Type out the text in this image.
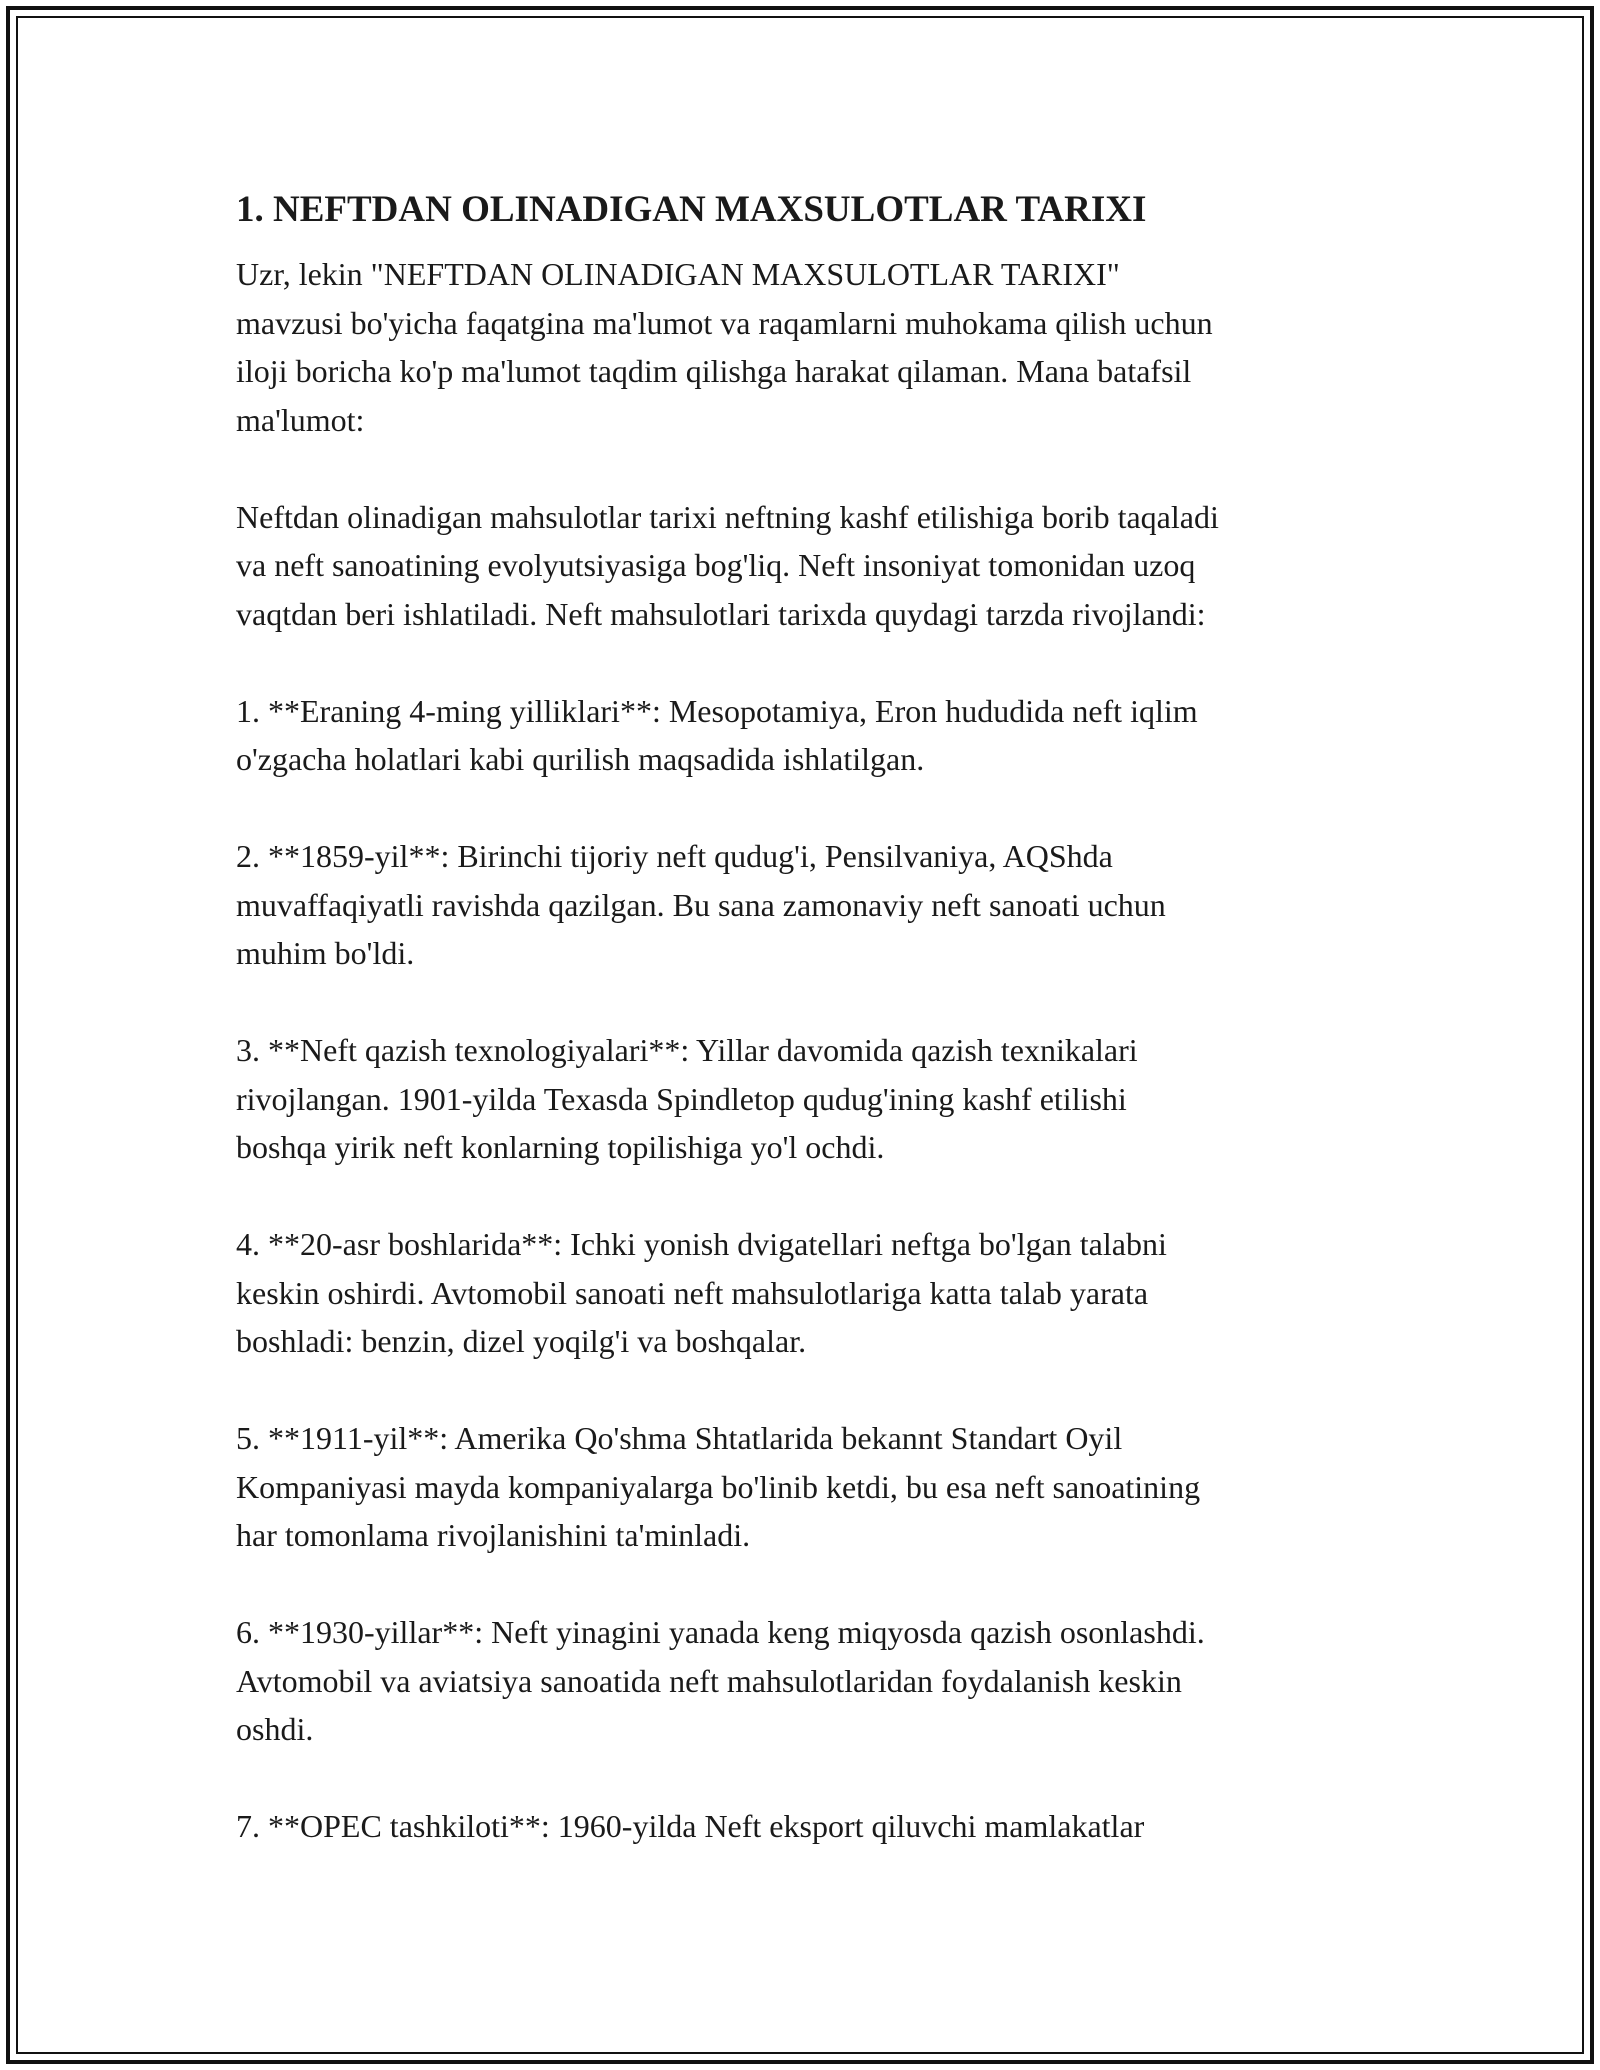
1. NEFTDAN OLINADIGAN MAXSULOTLAR TARIXI

Uzr, lekin "NEFTDAN OLINADIGAN MAXSULOTLAR TARIXI"
mavzusi bo'yicha faqatgina ma'lumot va raqamlarni muhokama qilish uchun
iloji boricha ko'p ma'lumot taqdim qilishga harakat qilaman. Mana batafsil
ma'lumot:

Neftdan olinadigan mahsulotlar tarixi neftning kashf etilishiga borib taqaladi
va neft sanoatining evolyutsiyasiga bog'liq. Neft insoniyat tomonidan uzoq
vaqtdan beri ishlatiladi. Neft mahsulotlari tarixda quydagi tarzda rivojlandi:

1. **Eraning 4-ming yilliklari**: Mesopotamiya, Eron hududida neft iqlim
o'zgacha holatlari kabi qurilish maqsadida ishlatilgan.

2. **1859-yil**: Birinchi tijoriy neft qudug'i, Pensilvaniya, AQShda
muvaffaqiyatli ravishda qazilgan. Bu sana zamonaviy neft sanoati uchun
muhim bo'ldi.

3. **Neft qazish texnologiyalari**: Yillar davomida qazish texnikalari
rivojlangan. 1901-yilda Texasda Spindletop qudug'ining kashf etilishi
boshqa yirik neft konlarning topilishiga yo'l ochdi.

4. **20-asr boshlarida**: Ichki yonish dvigatellari neftga bo'lgan talabni
keskin oshirdi. Avtomobil sanoati neft mahsulotlariga katta talab yarata
boshladi: benzin, dizel yoqilg'i va boshqalar.

5. **1911-yil**: Amerika Qo'shma Shtatlarida bekannt Standart Oyil
Kompaniyasi mayda kompaniyalarga bo'linib ketdi, bu esa neft sanoatining
har tomonlama rivojlanishini ta'minladi.

6. **1930-yillar**: Neft yinagini yanada keng miqyosda qazish osonlashdi.
Avtomobil va aviatsiya sanoatida neft mahsulotlaridan foydalanish keskin
oshdi.

7. **OPEC tashkiloti**: 1960-yilda Neft eksport qiluvchi mamlakatlar
